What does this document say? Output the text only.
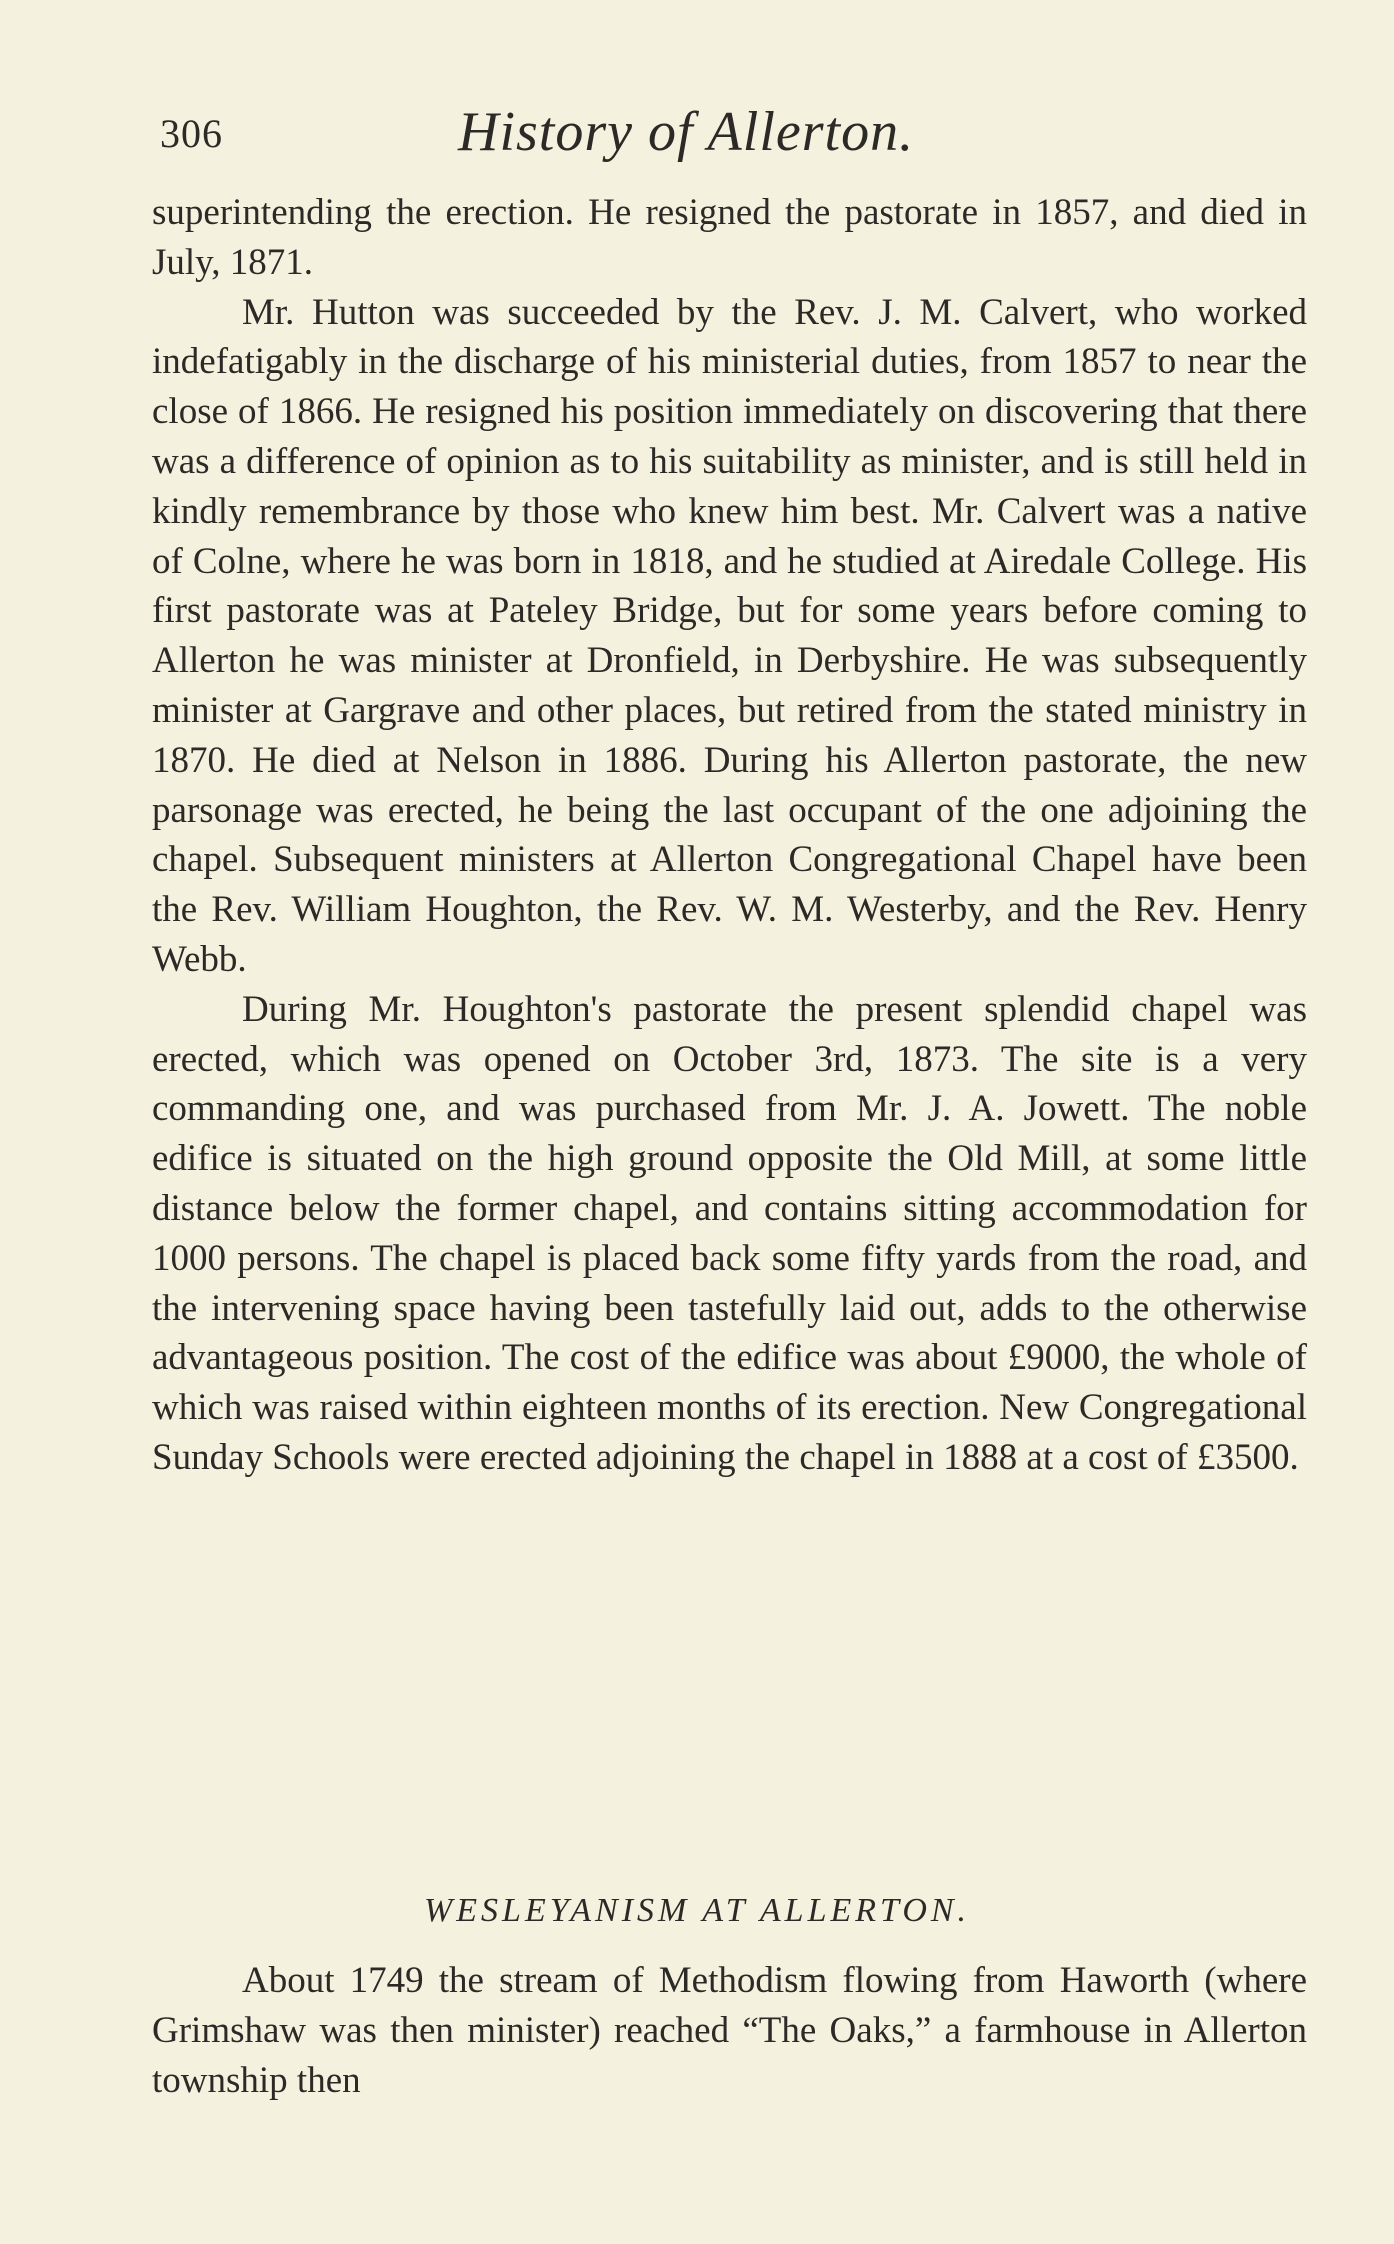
306	History of Allerton.

superintending the erection. He resigned the pastorate in 1857, and died in July, 1871.

Mr. Hutton was succeeded by the Rev. J. M. Calvert, who worked indefatigably in the discharge of his ministerial duties, from 1857 to near the close of 1866. He resigned his position immediately on discovering that there was a difference of opinion as to his suitability as minister, and is still held in kindly remembrance by those who knew him best. Mr. Calvert was a native of Colne, where he was born in 1818, and he studied at Airedale College. His first pastorate was at Pateley Bridge, but for some years before coming to Allerton he was minister at Dronfield, in Derbyshire. He was subsequently minister at Gargrave and other places, but retired from the stated ministry in 1870. He died at Nelson in 1886. During his Allerton pastorate, the new parsonage was erected, he being the last occupant of the one adjoining the chapel. Subsequent ministers at Allerton Congregational Chapel have been the Rev. William Houghton, the Rev. W. M. Westerby, and the Rev. Henry Webb.

During Mr. Houghton's pastorate the present splendid chapel was erected, which was opened on October 3rd, 1873. The site is a very commanding one, and was purchased from Mr. J. A. Jowett. The noble edifice is situated on the high ground opposite the Old Mill, at some little distance below the former chapel, and contains sitting accommodation for 1000 persons. The chapel is placed back some fifty yards from the road, and the intervening space having been tastefully laid out, adds to the otherwise advantageous position. The cost of the edifice was about £9000, the whole of which was raised within eighteen months of its erection. New Congregational Sunday Schools were erected adjoining the chapel in 1888 at a cost of £3500.

WESLEYANISM AT ALLERTON.

About 1749 the stream of Methodism flowing from Haworth (where Grimshaw was then minister) reached “The Oaks,” a farmhouse in Allerton township then
